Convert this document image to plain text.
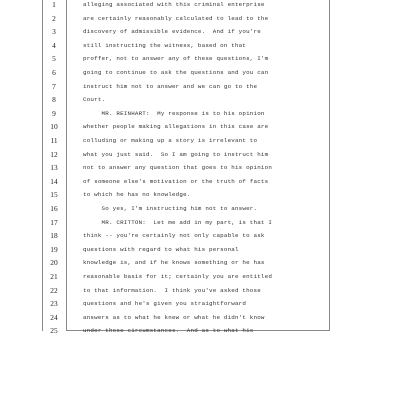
1	alleging associated with this criminal enterprise
2	are certainly reasonably calculated to lead to the
3	discovery of admissible evidence.  And if you're
4	still instructing the witness, based on that
5	proffer, not to answer any of these questions, I'm
6	going to continue to ask the questions and you can
7	instruct him not to answer and we can go to the
8	Court.
9	MR. REINHART:  My response is to his opinion
10	whether people making allegations in this case are
11	colluding or making up a story is irrelevant to
12	what you just said.  So I am going to instruct him
13	not to answer any question that goes to his opinion
14	of someone else's motivation or the truth of facts
15	to which he has no knowledge.
16	So yes, I'm instructing him not to answer.
17	MR. CRITTON:  Let me add in my part, is that I
18	think -- you're certainly not only capable to ask
19	questions with regard to what his personal
20	knowledge is, and if he knows something or he has
21	reasonable basis for it; certainly you are entitled
22	to that information.  I think you've asked those
23	questions and he's given you straightforward
24	answers as to what he knew or what he didn't know
25	under those circumstances.  And as to what his
